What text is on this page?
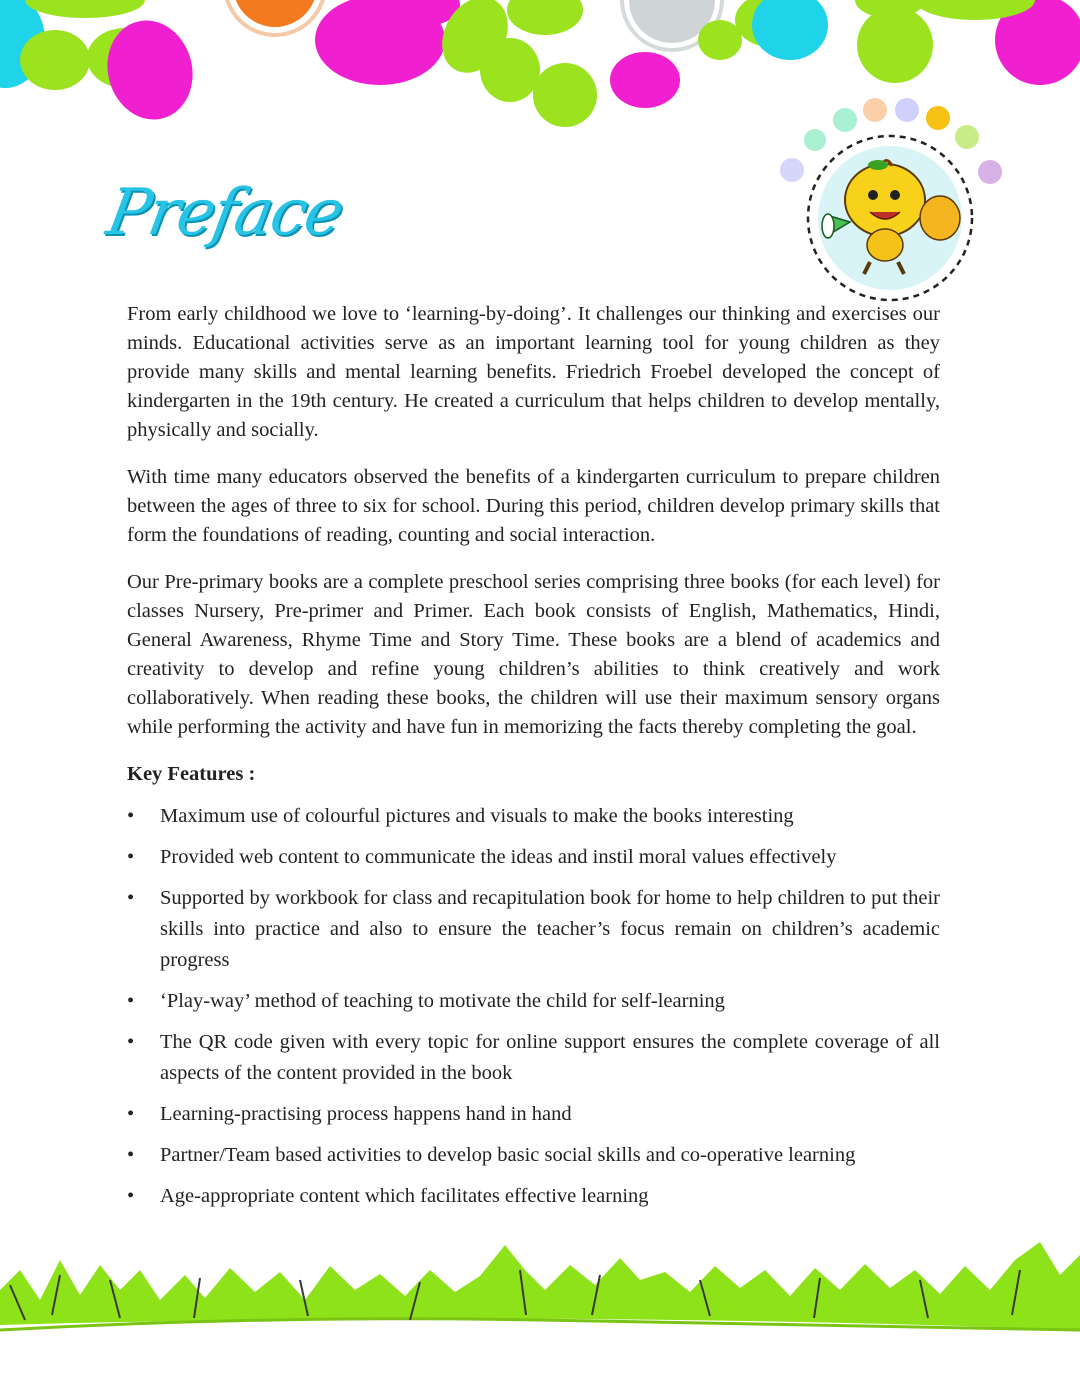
Preface

From early childhood we love to ‘learning-by-doing’. It challenges our thinking and exercises our minds. Educational activities serve as an important learning tool for young children as they provide many skills and mental learning benefits. Friedrich Froebel developed the concept of kindergarten in the 19th century. He created a curriculum that helps children to develop mentally, physically and socially.

With time many educators observed the benefits of a kindergarten curriculum to prepare children between the ages of three to six for school. During this period, children develop primary skills that form the foundations of reading, counting and social interaction.

Our Pre-primary books are a complete preschool series comprising three books (for each level) for classes Nursery, Pre-primer and Primer. Each book consists of English, Mathematics, Hindi, General Awareness, Rhyme Time and Story Time. These books are a blend of academics and creativity to develop and refine young children’s abilities to think creatively and work collaboratively. When reading these books, the children will use their maximum sensory organs while performing the activity and have fun in memorizing the facts thereby completing the goal.

Key Features :
• Maximum use of colourful pictures and visuals to make the books interesting
• Provided web content to communicate the ideas and instil moral values effectively
• Supported by workbook for class and recapitulation book for home to help children to put their skills into practice and also to ensure the teacher’s focus remain on children’s academic progress
• ‘Play-way’ method of teaching to motivate the child for self-learning
• The QR code given with every topic for online support ensures the complete coverage of all aspects of the content provided in the book
• Learning-practising process happens hand in hand
• Partner/Team based activities to develop basic social skills and co-operative learning
• Age-appropriate content which facilitates effective learning
